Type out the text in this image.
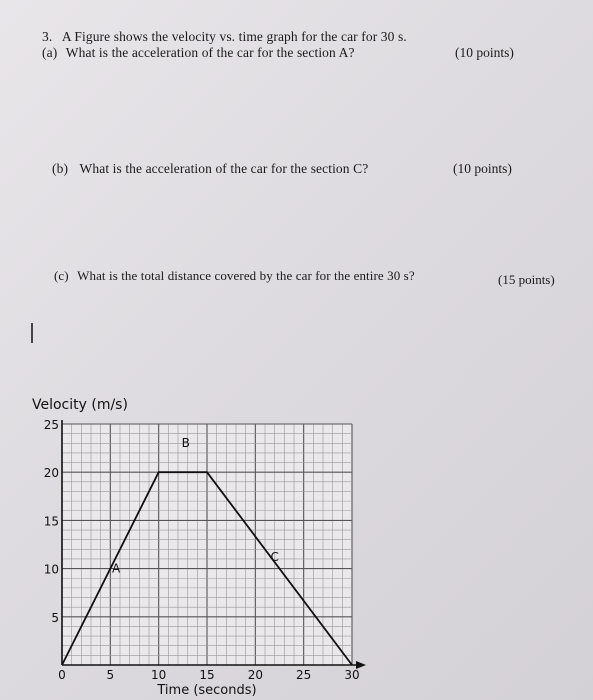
3. A Figure shows the velocity vs. time graph for the car for 30 s.
(a) What is the acceleration of the car for the section A?	(10 points)
(b) What is the acceleration of the car for the section C?	(10 points)
(c) What is the total distance covered by the car for the entire 30 s?	(15 points)
Velocity (m/s)
5
10
15
20
25
0	5	10	15	20	25	30
Time (seconds)
A
B
C
